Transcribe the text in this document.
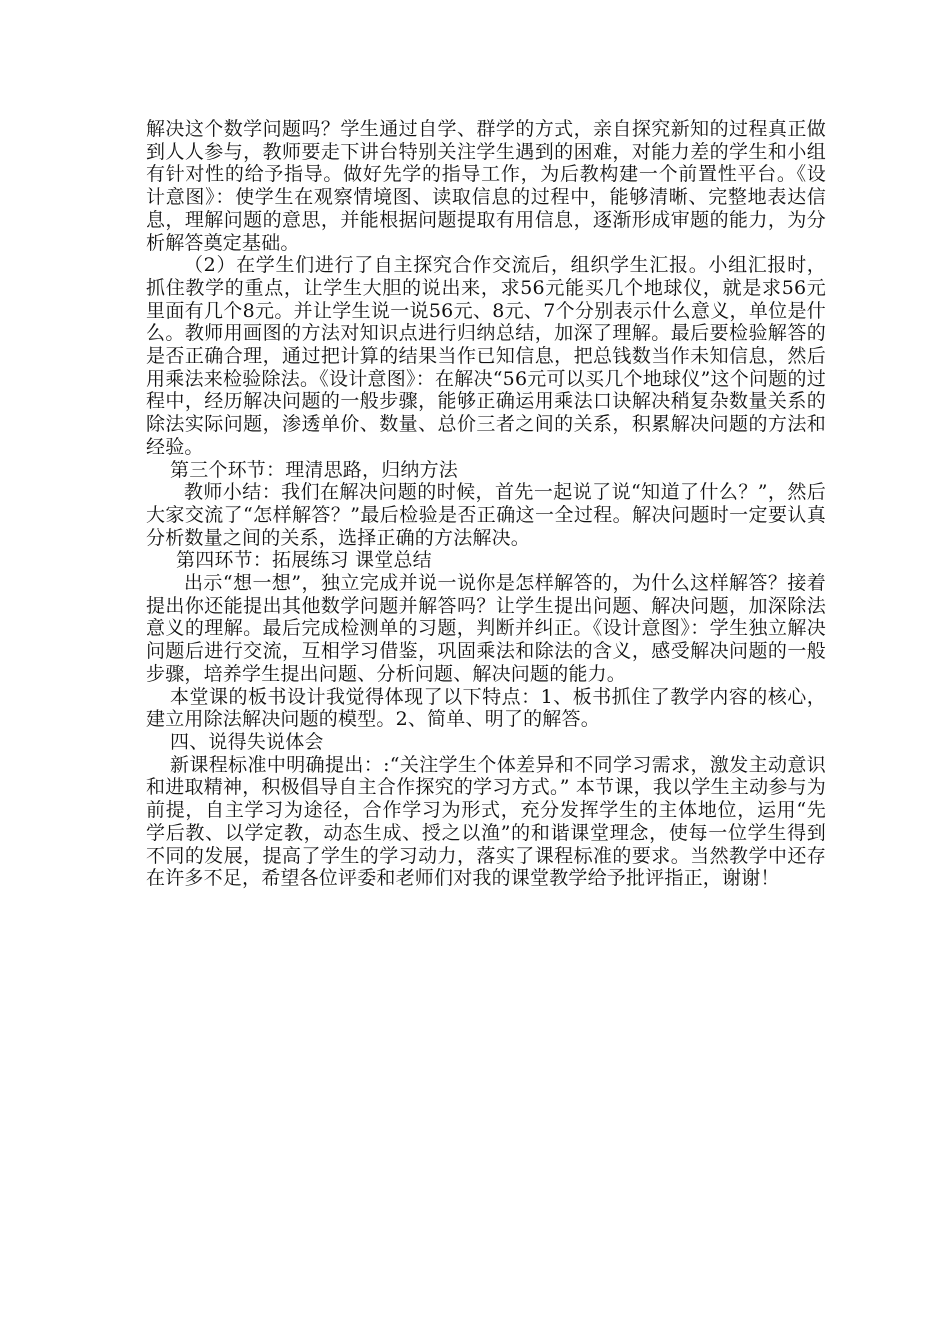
解决这个数学问题吗？学生通过自学、群学的方式，亲自探究新知的过程真正做到人人参与，教师要走下讲台特别关注学生遇到的困难，对能力差的学生和小组有针对性的给予指导。做好先学的指导工作，为后教构建一个前置性平台。《设计意图》：使学生在观察情境图、读取信息的过程中，能够清晰、完整地表达信息，理解问题的意思，并能根据问题提取有用信息，逐渐形成审题的能力，为分析解答奠定基础。

（2）在学生们进行了自主探究合作交流后，组织学生汇报。小组汇报时，抓住教学的重点，让学生大胆的说出来，求56元能买几个地球仪，就是求56元里面有几个8元。并让学生说一说56元、8元、7个分别表示什么意义，单位是什么。教师用画图的方法对知识点进行归纳总结，加深了理解。最后要检验解答的是否正确合理，通过把计算的结果当作已知信息，把总钱数当作未知信息，然后用乘法来检验除法。《设计意图》：在解决“56元可以买几个地球仪”这个问题的过程中，经历解决问题的一般步骤，能够正确运用乘法口诀解决稍复杂数量关系的除法实际问题，渗透单价、数量、总价三者之间的关系，积累解决问题的方法和经验。

第三个环节：理清思路，归纳方法

教师小结：我们在解决问题的时候，首先一起说了说“知道了什么？”，然后大家交流了“怎样解答？”最后检验是否正确这一全过程。解决问题时一定要认真分析数量之间的关系，选择正确的方法解决。

第四环节：拓展练习 课堂总结

出示“想一想”，独立完成并说一说你是怎样解答的，为什么这样解答？接着提出你还能提出其他数学问题并解答吗？让学生提出问题、解决问题，加深除法意义的理解。最后完成检测单的习题，判断并纠正。《设计意图》：学生独立解决问题后进行交流，互相学习借鉴，巩固乘法和除法的含义，感受解决问题的一般步骤，培养学生提出问题、分析问题、解决问题的能力。

本堂课的板书设计我觉得体现了以下特点：1、板书抓住了教学内容的核心，建立用除法解决问题的模型。2、简单、明了的解答。

四、说得失说体会

新课程标准中明确提出：:“关注学生个体差异和不同学习需求，激发主动意识和进取精神，积极倡导自主合作探究的学习方式。” 本节课，我以学生主动参与为前提，自主学习为途径，合作学习为形式，充分发挥学生的主体地位，运用“先学后教、以学定教，动态生成、授之以渔”的和谐课堂理念，使每一位学生得到不同的发展，提高了学生的学习动力，落实了课程标准的要求。当然教学中还存在许多不足，希望各位评委和老师们对我的课堂教学给予批评指正，谢谢！
